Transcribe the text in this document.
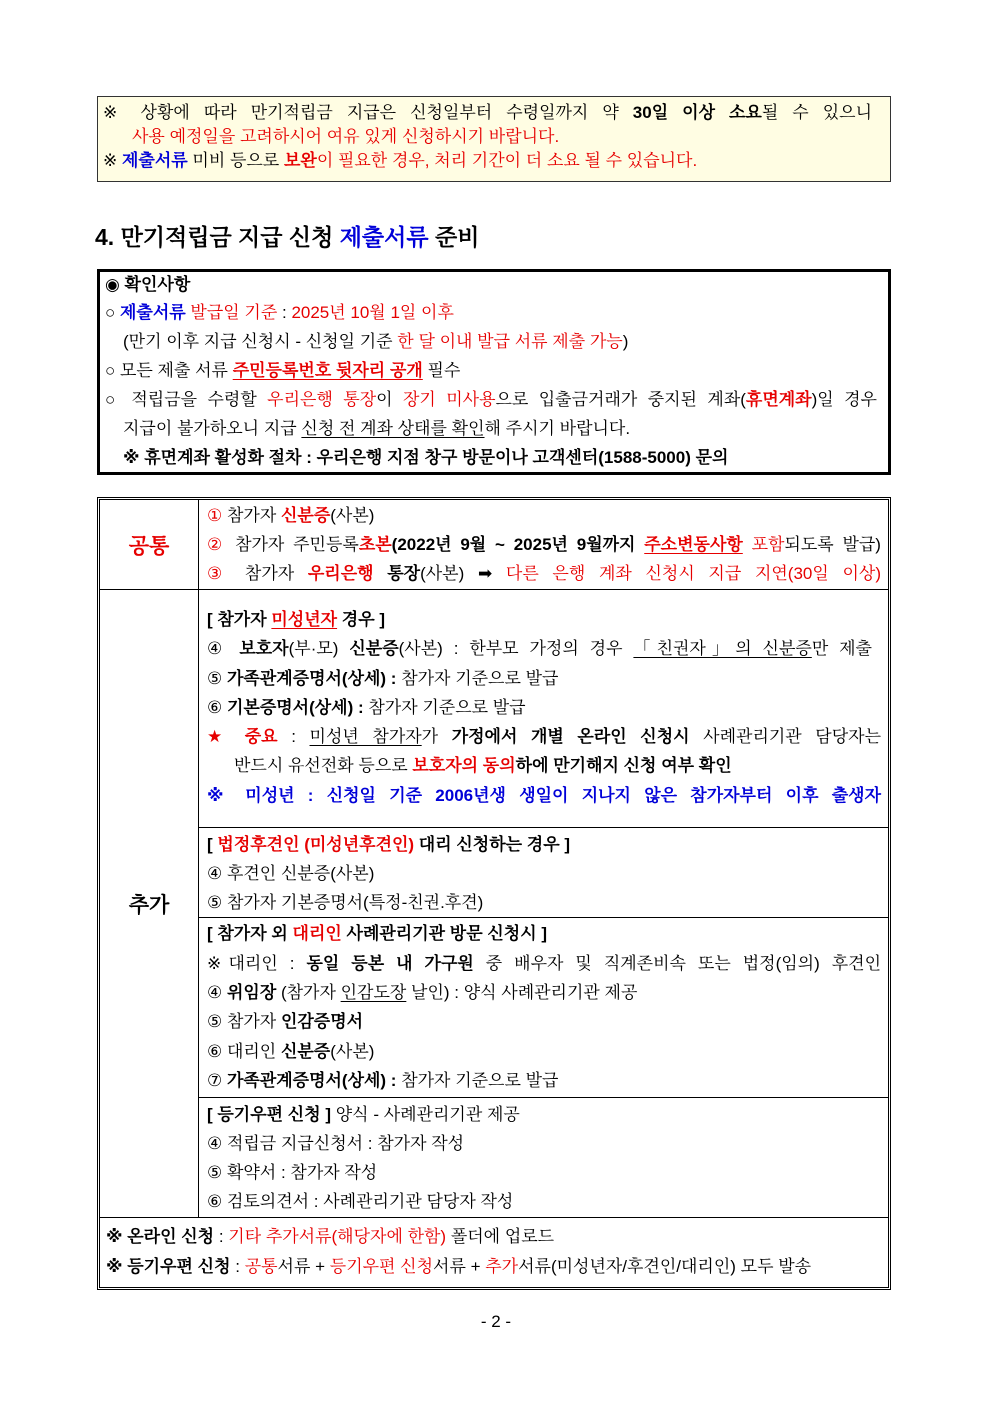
※ 상황에 따라 만기적립금 지급은 신청일부터 수령일까지 약 30일 이상 소요될 수 있으니
사용 예정일을 고려하시어 여유 있게 신청하시기 바랍니다.
※ 제출서류 미비 등으로 보완이 필요한 경우, 처리 기간이 더 소요 될 수 있습니다.
4. 만기적립금 지급 신청 제출서류 준비
◉ 확인사항
○ 제출서류 발급일 기준 : 2025년 10월 1일 이후
(만기 이후 지급 신청시 - 신청일 기준 한 달 이내 발급 서류 제출 가능)
○ 모든 제출 서류 주민등록번호 뒷자리 공개 필수
○ 적립금을 수령할 우리은행 통장이 장기 미사용으로 입출금거래가 중지된 계좌(휴면계좌)일 경우
지급이 불가하오니 지급 신청 전 계좌 상태를 확인해 주시기 바랍니다.
※ 휴면계좌 활성화 절차 : 우리은행 지점 창구 방문이나 고객센터(1588-5000) 문의
공통
① 참가자 신분증(사본)
② 참가자 주민등록초본(2022년 9월 ~ 2025년 9월까지 주소변동사항 포함되도록 발급)
③ 참가자 우리은행 통장(사본) ➡ 다른 은행 계좌 신청시 지급 지연(30일 이상)
추가
[ 참가자 미성년자 경우 ]
④ 보호자(부·모) 신분증(사본) : 한부모 가정의 경우 「친권자」의 신분증만 제출
⑤ 가족관계증명서(상세) : 참가자 기준으로 발급
⑥ 기본증명서(상세) : 참가자 기준으로 발급
★ 중요 : 미성년 참가자가 가정에서 개별 온라인 신청시 사례관리기관 담당자는
반드시 유선전화 등으로 보호자의 동의하에 만기해지 신청 여부 확인
※ 미성년 : 신청일 기준 2006년생 생일이 지나지 않은 참가자부터 이후 출생자
[ 법정후견인 (미성년후견인) 대리 신청하는 경우 ]
④ 후견인 신분증(사본)
⑤ 참가자 기본증명서(특정-친권.후견)
[ 참가자 외 대리인 사례관리기관 방문 신청시 ]
※대리인 : 동일 등본 내 가구원 중 배우자 및 직계존비속 또는 법정(임의) 후견인
④ 위임장 (참가자 인감도장 날인) : 양식 사례관리기관 제공
⑤ 참가자 인감증명서
⑥ 대리인 신분증(사본)
⑦ 가족관계증명서(상세) : 참가자 기준으로 발급
[ 등기우편 신청 ] 양식 - 사례관리기관 제공
④ 적립금 지급신청서 : 참가자 작성
⑤ 확약서 : 참가자 작성
⑥ 검토의견서 : 사례관리기관 담당자 작성
※ 온라인 신청 : 기타 추가서류(해당자에 한함) 폴더에 업로드
※ 등기우편 신청 : 공통서류 + 등기우편 신청서류 + 추가서류(미성년자/후견인/대리인) 모두 발송
- 2 -
